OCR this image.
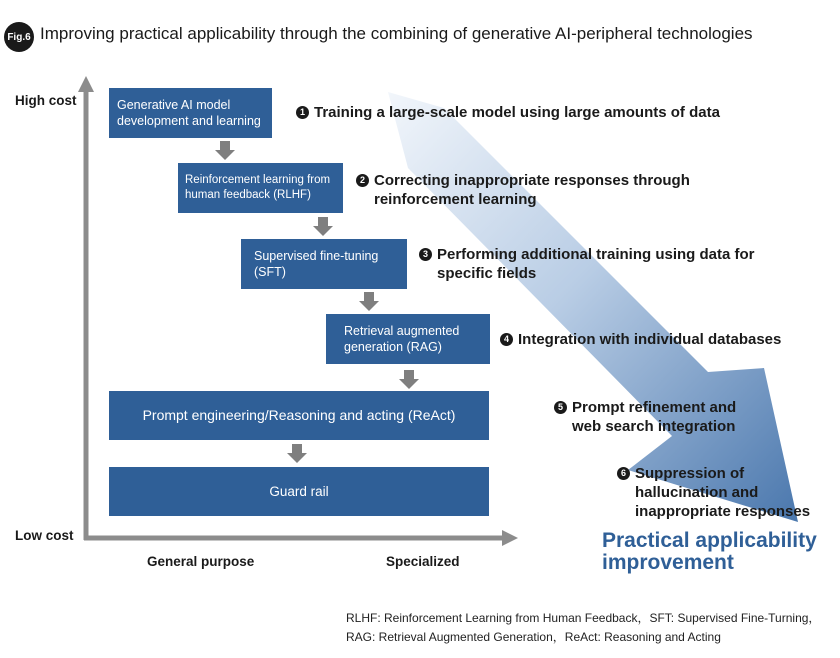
Fig.6 Improving practical applicability through the combining of generative AI-peripheral technologies
High cost
Low cost
General purpose	Specialized
Generative AI model
development and learning
Reinforcement learning from
human feedback (RLHF)
Supervised fine-tuning
(SFT)
Retrieval augmented
generation (RAG)
Prompt engineering/Reasoning and acting (ReAct)
Guard rail
1 Training a large-scale model using large amounts of data
2 Correcting inappropriate responses through
reinforcement learning
3 Performing additional training using data for
specific fields
4 Integration with individual databases
5 Prompt refinement and
web search integration
6 Suppression of
hallucination and
inappropriate responses
Practical applicability
improvement
RLHF: Reinforcement Learning from Human Feedback，SFT: Supervised Fine-Turning，
RAG: Retrieval Augmented Generation，ReAct: Reasoning and Acting
